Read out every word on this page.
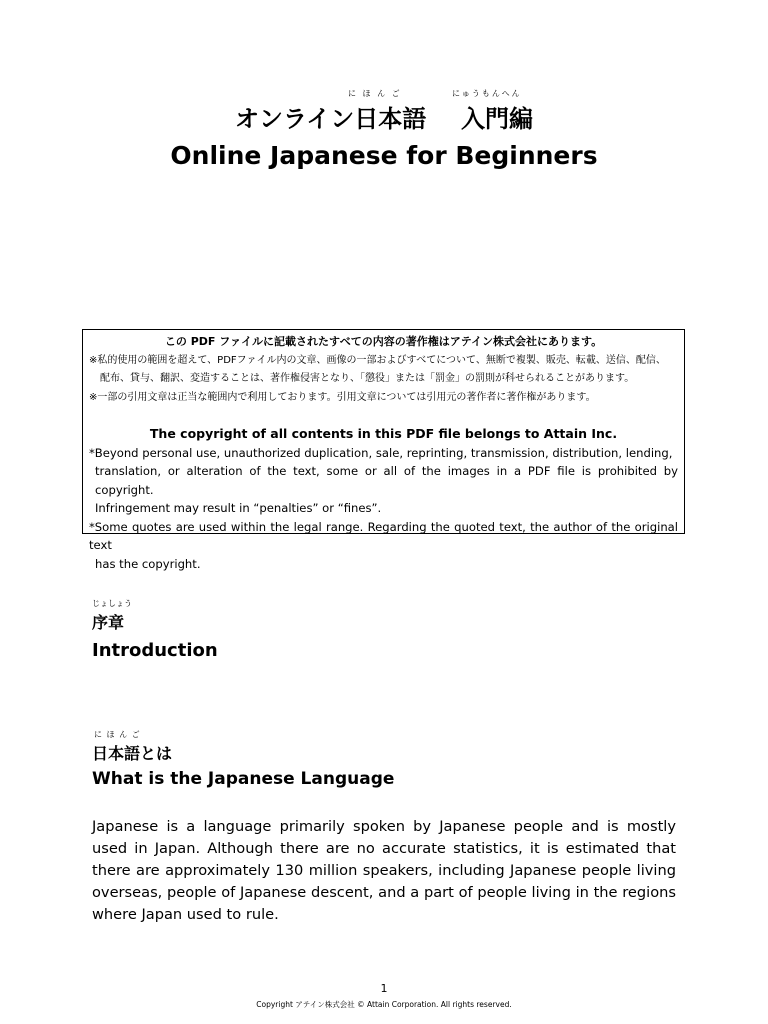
に ほ ん ご	にゅうもんへん
オンライン日本語 入門編
Online Japanese for Beginners
この PDF ファイルに記載されたすべての内容の著作権はアテイン株式会社にあります。
※私的使用の範囲を超えて、PDFファイル内の文章、画像の一部およびすべてについて、無断で複製、販売、転載、送信、配信、
配布、貸与、翻訳、変造することは、著作権侵害となり、「懲役」または「罰金」の罰則が科せられることがあります。
※一部の引用文章は正当な範囲内で利用しております。引用文章については引用元の著作者に著作権があります。
The copyright of all contents in this PDF file belongs to Attain Inc.
*Beyond personal use, unauthorized duplication, sale, reprinting, transmission, distribution, lending,
translation, or alteration of the text, some or all of the images in a PDF file is prohibited by copyright.
Infringement may result in “penalties” or “fines”.
*Some quotes are used within the legal range. Regarding the quoted text, the author of the original text
has the copyright.
じょしょう
序章
Introduction
に ほ ん ご
日本語とは
What is the Japanese Language
Japanese is a language primarily spoken by Japanese people and is mostly used in Japan. Although there are no accurate statistics, it is estimated that there are approximately 130 million speakers, including Japanese people living overseas, people of Japanese descent, and a part of people living in the regions where Japan used to rule.
1
Copyright アテイン株式会社 © Attain Corporation. All rights reserved.
